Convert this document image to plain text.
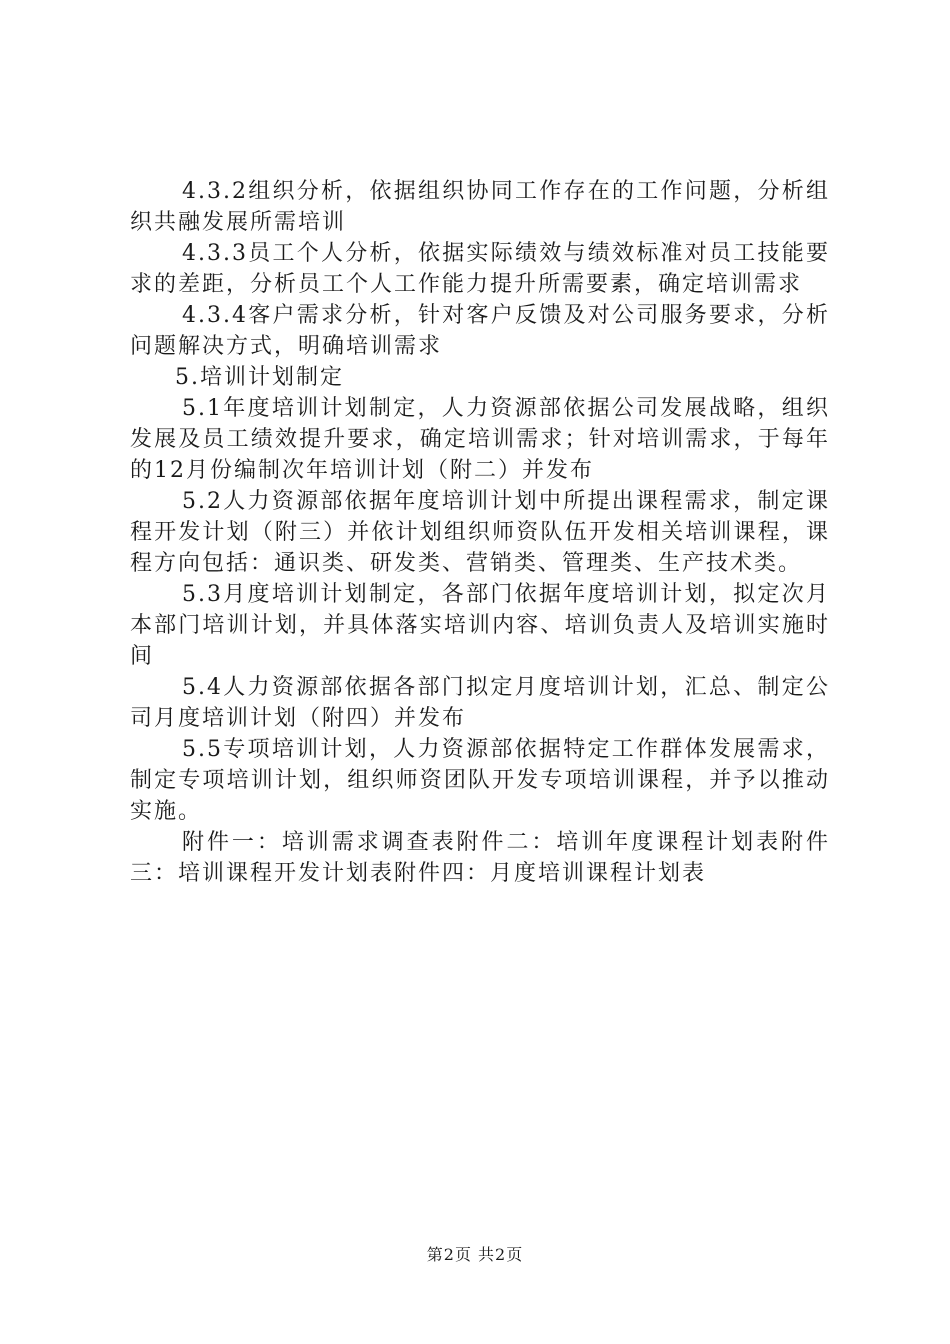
4.3.2组织分析，依据组织协同工作存在的工作问题，分析组织共融发展所需培训

4.3.3员工个人分析，依据实际绩效与绩效标准对员工技能要求的差距，分析员工个人工作能力提升所需要素，确定培训需求

4.3.4客户需求分析，针对客户反馈及对公司服务要求，分析问题解决方式，明确培训需求

5.培训计划制定

5.1年度培训计划制定，人力资源部依据公司发展战略，组织发展及员工绩效提升要求，确定培训需求；针对培训需求，于每年的12月份编制次年培训计划（附二）并发布

5.2人力资源部依据年度培训计划中所提出课程需求，制定课程开发计划（附三）并依计划组织师资队伍开发相关培训课程，课程方向包括：通识类、研发类、营销类、管理类、生产技术类。

5.3月度培训计划制定，各部门依据年度培训计划，拟定次月本部门培训计划，并具体落实培训内容、培训负责人及培训实施时间

5.4人力资源部依据各部门拟定月度培训计划，汇总、制定公司月度培训计划（附四）并发布

5.5专项培训计划，人力资源部依据特定工作群体发展需求，制定专项培训计划，组织师资团队开发专项培训课程，并予以推动实施。

附件一：培训需求调查表附件二：培训年度课程计划表附件三：培训课程开发计划表附件四：月度培训课程计划表

第2页 共2页
